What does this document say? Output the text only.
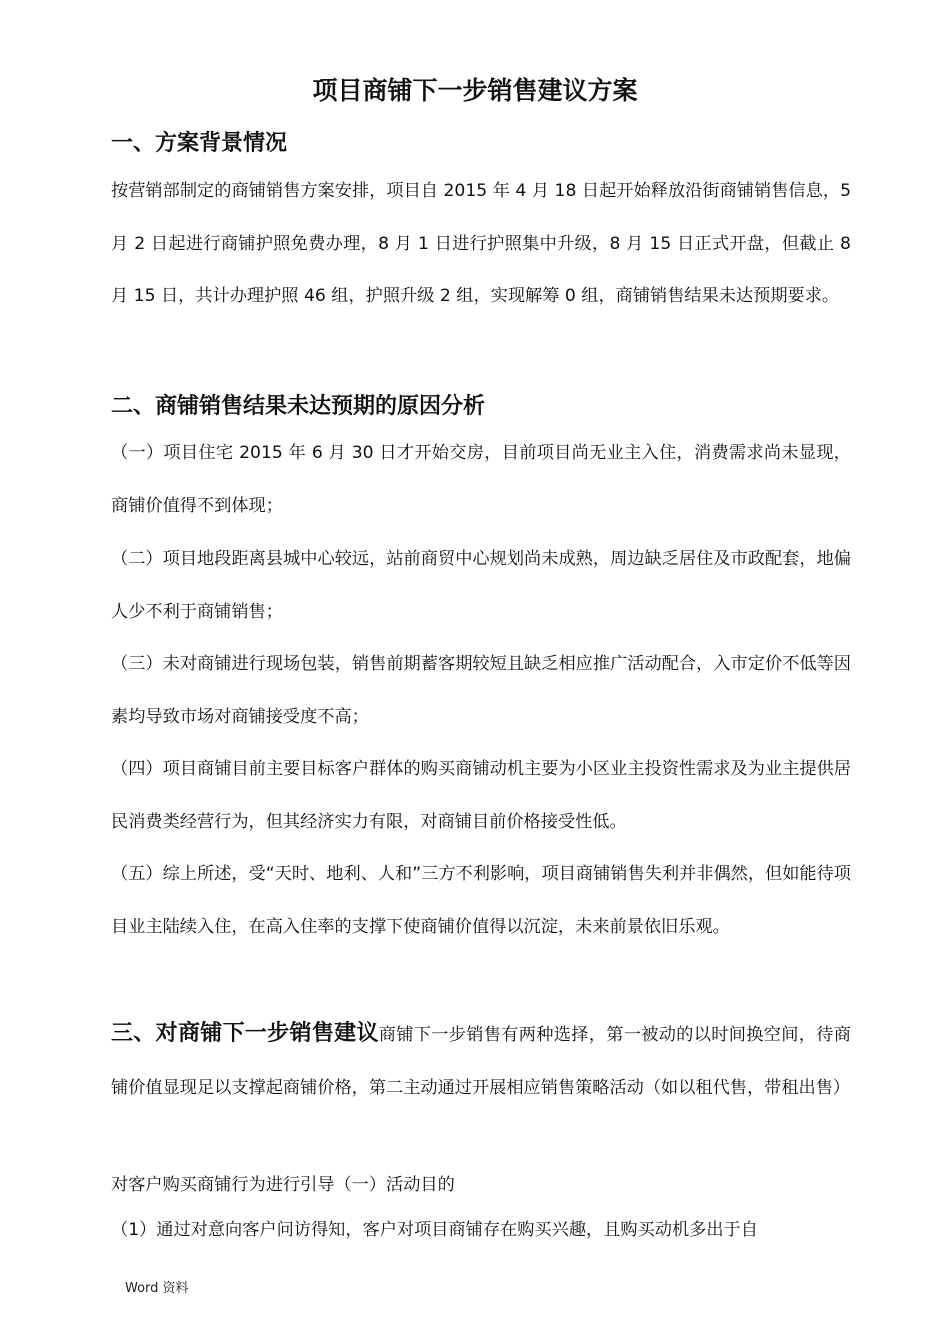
项目商铺下一步销售建议方案
一、方案背景情况

按营销部制定的商铺销售方案安排，项目自 2015 年 4 月 18 日起开始释放沿街商铺销售信息，5 月 2 日起进行商铺护照免费办理，8 月 1 日进行护照集中升级，8 月 15 日正式开盘，但截止 8 月 15 日，共计办理护照 46 组，护照升级 2 组，实现解筹 0 组，商铺销售结果未达预期要求。

二、商铺销售结果未达预期的原因分析

（一）项目住宅 2015 年 6 月 30 日才开始交房，目前项目尚无业主入住，消费需求尚未显现，商铺价值得不到体现；

（二）项目地段距离县城中心较远，站前商贸中心规划尚未成熟，周边缺乏居住及市政配套，地偏人少不利于商铺销售；

（三）未对商铺进行现场包装，销售前期蓄客期较短且缺乏相应推广活动配合，入市定价不低等因素均导致市场对商铺接受度不高；

（四）项目商铺目前主要目标客户群体的购买商铺动机主要为小区业主投资性需求及为业主提供居民消费类经营行为，但其经济实力有限，对商铺目前价格接受性低。

（五）综上所述，受“天时、地利、人和”三方不利影响，项目商铺销售失利并非偶然，但如能待项目业主陆续入住，在高入住率的支撑下使商铺价值得以沉淀，未来前景依旧乐观。

三、对商铺下一步销售建议商铺下一步销售有两种选择，第一被动的以时间换空间，待商铺价值显现足以支撑起商铺价格，第二主动通过开展相应销售策略活动（如以租代售，带租出售）

对客户购买商铺行为进行引导（一）活动目的
（1）通过对意向客户问访得知，客户对项目商铺存在购买兴趣，且购买动机多出于自
Word 资料
